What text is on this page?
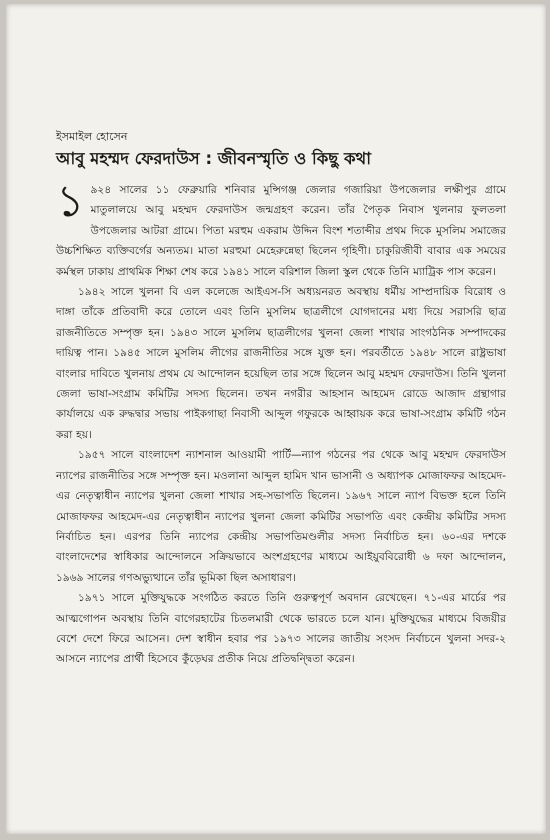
ইসমাইল হোসেন
আবু মহম্মদ ফেরদাউস : জীবনস্মৃতি ও কিছু কথা

১ ৯২৪ সালের ১১ ফেব্রুয়ারি শনিবার মুন্সিগঞ্জ জেলার গজারিয়া উপজেলার লক্ষীপুর গ্রামে মাতুলালয়ে আবু মহম্মদ ফেরদাউস জন্মগ্রহণ করেন। তাঁর পৈতৃক নিবাস খুলনার ফুলতলা উপজেলার আটরা গ্রামে। পিতা মরহুম একরাম উদ্দিন বিংশ শতাব্দীর প্রথম দিকে মুসলিম সমাজের উচ্চশিক্ষিত ব্যক্তিবর্গের অন্যতম। মাতা মরহুমা মেহেরুন্নেছা ছিলেন গৃহিণী। চাকুরিজীবী বাবার এক সময়ের কর্মস্থল ঢাকায় প্রাথমিক শিক্ষা শেষ করে ১৯৪১ সালে বরিশাল জিলা স্কুল থেকে তিনি ম্যাট্রিক পাস করেন।

১৯৪২ সালে খুলনা বি এল কলেজে আইএস-সি অধ্যয়নরত অবস্থায় ধর্মীয় সাম্প্রদায়িক বিরোধ ও দাঙ্গা তাঁকে প্রতিবাদী করে তোলে এবং তিনি মুসলিম ছাত্রলীগে যোগদানের মধ্য দিয়ে সরাসরি ছাত্র রাজনীতিতে সম্পৃক্ত হন। ১৯৪৩ সালে মুসলিম ছাত্রলীগের খুলনা জেলা শাখার সাংগঠনিক সম্পাদকের দায়িত্ব পান। ১৯৪৫ সালে মুসলিম লীগের রাজনীতির সঙ্গে যুক্ত হন। পরবর্তীতে ১৯৪৮ সালে রাষ্ট্রভাষা বাংলার দাবিতে খুলনায় প্রথম যে আন্দোলন হয়েছিল তার সঙ্গে ছিলেন আবু মহম্মদ ফেরদাউস। তিনি খুলনা জেলা ভাষা-সংগ্রাম কমিটির সদস্য ছিলেন। তখন নগরীর আহসান আহমেদ রোডে আজাদ গ্রন্থাগার কার্যালয়ে এক রুদ্ধদ্বার সভায় পাইকগাছা নিবাসী আব্দুল গফুরকে আহ্বায়ক করে ভাষা-সংগ্রাম কমিটি গঠন করা হয়।

১৯৫৭ সালে বাংলাদেশ ন্যাশনাল আওয়ামী পার্টি—ন্যাপ গঠনের পর থেকে আবু মহম্মদ ফেরদাউস ন্যাপের রাজনীতির সঙ্গে সম্পৃক্ত হন। মওলানা আব্দুল হামিদ খান ভাসানী ও অধ্যাপক মোজাফফর আহমেদ-এর নেতৃত্বাধীন ন্যাপের খুলনা জেলা শাখার সহ-সভাপতি ছিলেন। ১৯৬৭ সালে ন্যাপ বিভক্ত হলে তিনি মোজাফফর আহমেদ-এর নেতৃত্বাধীন ন্যাপের খুলনা জেলা কমিটির সভাপতি এবং কেন্দ্রীয় কমিটির সদস্য নির্বাচিত হন। এরপর তিনি ন্যাপের কেন্দ্রীয় সভাপতিমণ্ডলীর সদস্য নির্বাচিত হন। ৬০-এর দশকে বাংলাদেশের স্বাধিকার আন্দোলনে সক্রিয়ভাবে অংশগ্রহণের মাধ্যমে আইয়ুববিরোধী ৬ দফা আন্দোলন, ১৯৬৯ সালের গণঅভ্যুত্থানে তাঁর ভূমিকা ছিল অসাধারণ।

১৯৭১ সালে মুক্তিযুদ্ধকে সংগঠিত করতে তিনি গুরুত্বপূর্ণ অবদান রেখেছেন। ৭১-এর মার্চের পর আত্মগোপন অবস্থায় তিনি বাগেরহাটের চিতলমারী থেকে ভারতে চলে যান। মুক্তিযুদ্ধের মাধ্যমে বিজয়ীর বেশে দেশে ফিরে আসেন। দেশ স্বাধীন হবার পর ১৯৭৩ সালের জাতীয় সংসদ নির্বাচনে খুলনা সদর-২ আসনে ন্যাপের প্রার্থী হিসেবে কুঁড়েঘর প্রতীক নিয়ে প্রতিদ্বন্দ্বিতা করেন।
